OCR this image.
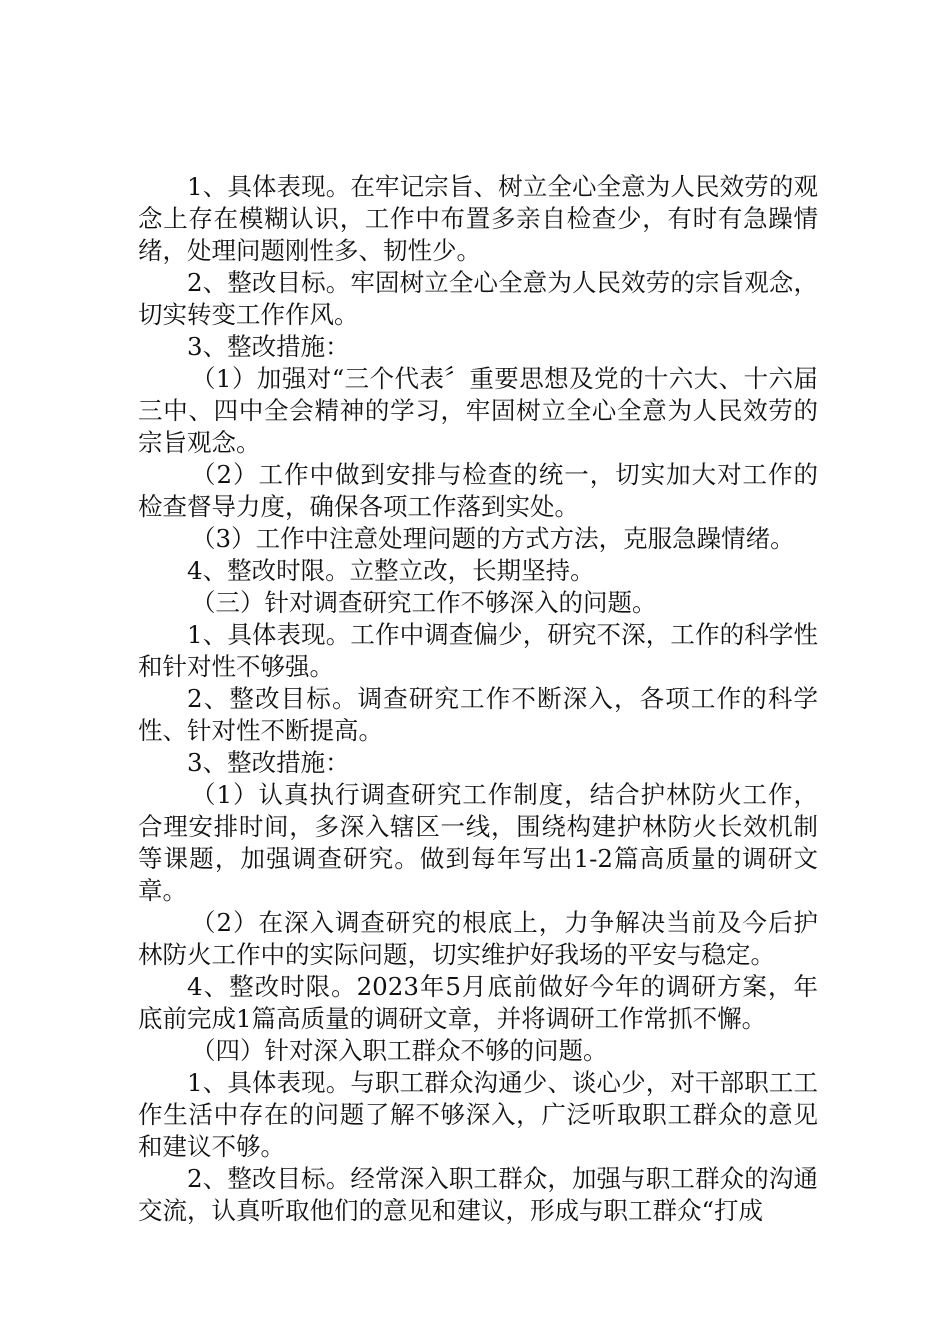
1、具体表现。在牢记宗旨、树立全心全意为人民效劳的观念上存在模糊认识，工作中布置多亲自检查少，有时有急躁情绪，处理问题刚性多、韧性少。

2、整改目标。牢固树立全心全意为人民效劳的宗旨观念，切实转变工作作风。

3、整改措施：

（1）加强对“三个代表〞重要思想及党的十六大、十六届三中、四中全会精神的学习，牢固树立全心全意为人民效劳的宗旨观念。

（2）工作中做到安排与检查的统一，切实加大对工作的检查督导力度，确保各项工作落到实处。

（3）工作中注意处理问题的方式方法，克服急躁情绪。

4、整改时限。立整立改，长期坚持。

（三）针对调查研究工作不够深入的问题。

1、具体表现。工作中调查偏少，研究不深，工作的科学性和针对性不够强。

2、整改目标。调查研究工作不断深入，各项工作的科学性、针对性不断提高。

3、整改措施：

（1）认真执行调查研究工作制度，结合护林防火工作，合理安排时间，多深入辖区一线，围绕构建护林防火长效机制等课题，加强调查研究。做到每年写出1-2篇高质量的调研文章。

（2）在深入调查研究的根底上，力争解决当前及今后护林防火工作中的实际问题，切实维护好我场的平安与稳定。

4、整改时限。2023年5月底前做好今年的调研方案，年底前完成1篇高质量的调研文章，并将调研工作常抓不懈。

（四）针对深入职工群众不够的问题。

1、具体表现。与职工群众沟通少、谈心少，对干部职工工作生活中存在的问题了解不够深入，广泛听取职工群众的意见和建议不够。

2、整改目标。经常深入职工群众，加强与职工群众的沟通交流，认真听取他们的意见和建议，形成与职工群众“打成
